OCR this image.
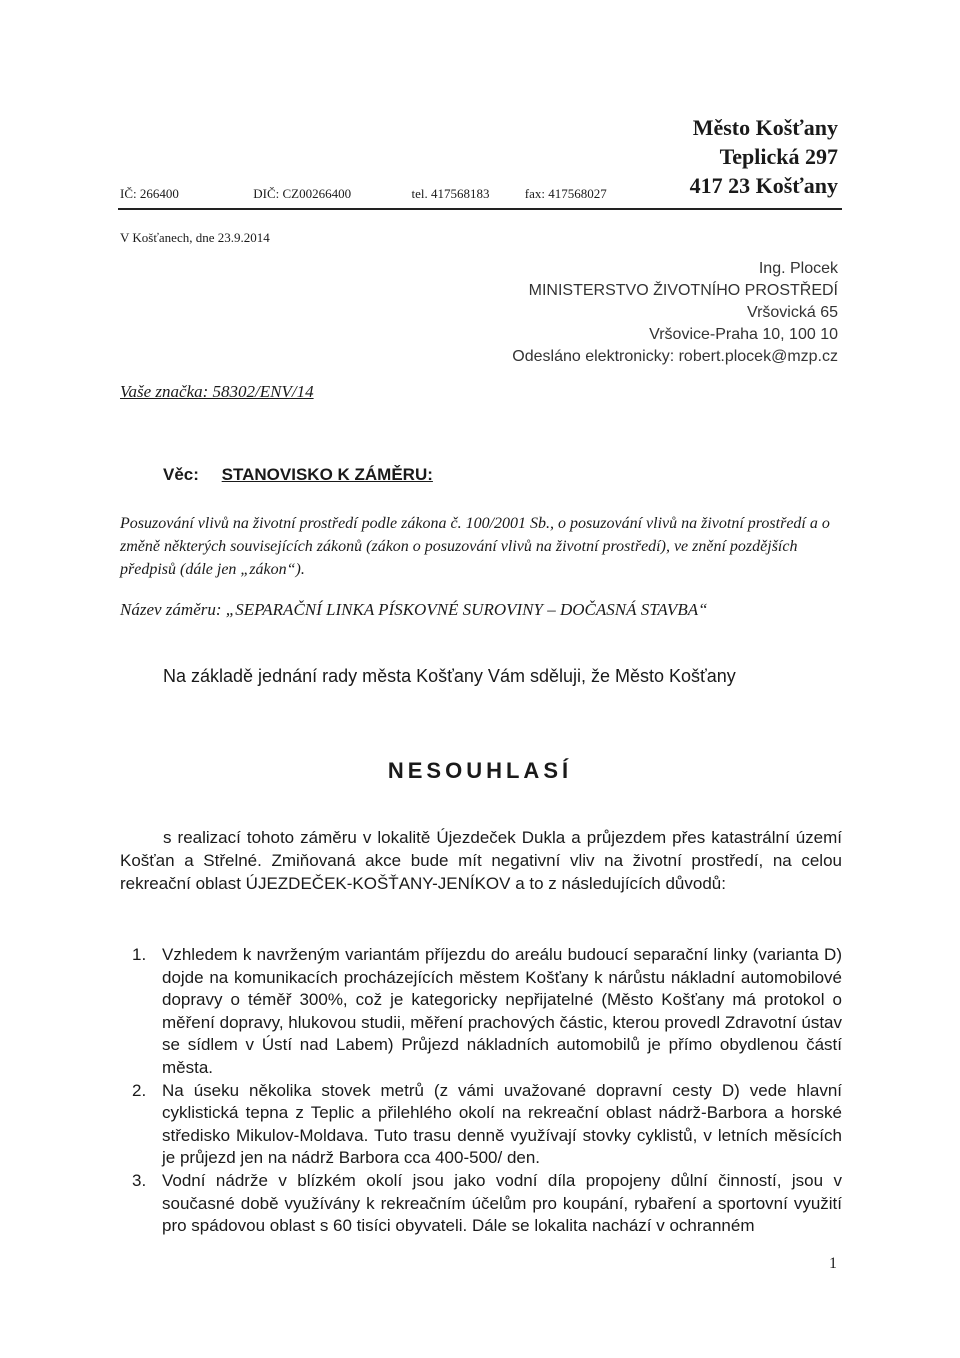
Město Košťany
Teplická 297
417 23 Košťany
IČ: 266400	DIČ: CZ00266400	tel. 417568183	fax: 417568027
V Košťanech, dne 23.9.2014
Ing. Plocek
MINISTERSTVO ŽIVOTNÍHO PROSTŘEDÍ
Vršovická 65
Vršovice-Praha 10, 100 10
Odesláno elektronicky: robert.plocek@mzp.cz
Vaše značka: 58302/ENV/14
Věc: STANOVISKO K ZÁMĚRU:
Posuzování vlivů na životní prostředí podle zákona č. 100/2001 Sb., o posuzování vlivů na životní prostředí a o změně některých souvisejících zákonů (zákon o posuzování vlivů na životní prostředí), ve znění pozdějších předpisů (dále jen „zákon“).
Název záměru: „SEPARAČNÍ LINKA PÍSKOVNÉ SUROVINY – DOČASNÁ STAVBA“
Na základě jednání rady města Košťany Vám sděluji, že Město Košťany
NESOUHLASÍ
s realizací tohoto záměru v lokalitě Újezdeček Dukla a průjezdem přes katastrální území Košťan a Střelné. Zmiňovaná akce bude mít negativní vliv na životní prostředí, na celou rekreační oblast ÚJEZDEČEK-KOŠŤANY-JENÍKOV a to z následujících důvodů:
1. Vzhledem k navrženým variantám příjezdu do areálu budoucí separační linky (varianta D) dojde na komunikacích procházejících městem Košťany k nárůstu nákladní automobilové dopravy o téměř 300%, což je kategoricky nepřijatelné (Město Košťany má protokol o měření dopravy, hlukovou studii, měření prachových částic, kterou provedl Zdravotní ústav se sídlem v Ústí nad Labem) Průjezd nákladních automobilů je přímo obydlenou částí města.
2. Na úseku několika stovek metrů (z vámi uvažované dopravní cesty D) vede hlavní cyklistická tepna z Teplic a přilehlého okolí na rekreační oblast nádrž-Barbora a horské středisko Mikulov-Moldava. Tuto trasu denně využívají stovky cyklistů, v letních měsících je průjezd jen na nádrž Barbora cca 400-500/ den.
3. Vodní nádrže v blízkém okolí jsou jako vodní díla propojeny důlní činností, jsou v současné době využívány k rekreačním účelům pro koupání, rybaření a sportovní využití pro spádovou oblast s 60 tisíci obyvateli. Dále se lokalita nachází v ochranném
1
